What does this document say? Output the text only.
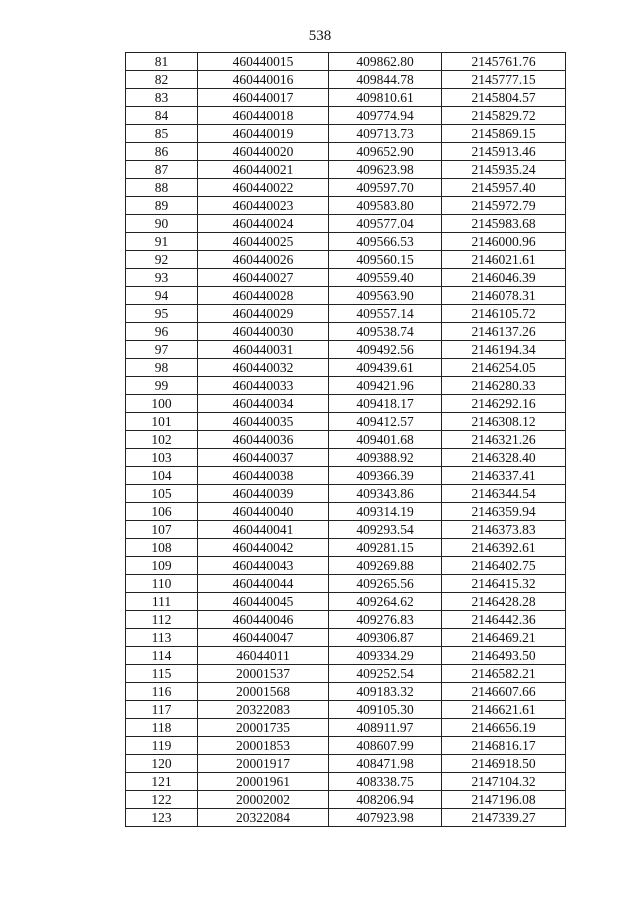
538
81	460440015	409862.80	2145761.76
82	460440016	409844.78	2145777.15
83	460440017	409810.61	2145804.57
84	460440018	409774.94	2145829.72
85	460440019	409713.73	2145869.15
86	460440020	409652.90	2145913.46
87	460440021	409623.98	2145935.24
88	460440022	409597.70	2145957.40
89	460440023	409583.80	2145972.79
90	460440024	409577.04	2145983.68
91	460440025	409566.53	2146000.96
92	460440026	409560.15	2146021.61
93	460440027	409559.40	2146046.39
94	460440028	409563.90	2146078.31
95	460440029	409557.14	2146105.72
96	460440030	409538.74	2146137.26
97	460440031	409492.56	2146194.34
98	460440032	409439.61	2146254.05
99	460440033	409421.96	2146280.33
100	460440034	409418.17	2146292.16
101	460440035	409412.57	2146308.12
102	460440036	409401.68	2146321.26
103	460440037	409388.92	2146328.40
104	460440038	409366.39	2146337.41
105	460440039	409343.86	2146344.54
106	460440040	409314.19	2146359.94
107	460440041	409293.54	2146373.83
108	460440042	409281.15	2146392.61
109	460440043	409269.88	2146402.75
110	460440044	409265.56	2146415.32
111	460440045	409264.62	2146428.28
112	460440046	409276.83	2146442.36
113	460440047	409306.87	2146469.21
114	46044011	409334.29	2146493.50
115	20001537	409252.54	2146582.21
116	20001568	409183.32	2146607.66
117	20322083	409105.30	2146621.61
118	20001735	408911.97	2146656.19
119	20001853	408607.99	2146816.17
120	20001917	408471.98	2146918.50
121	20001961	408338.75	2147104.32
122	20002002	408206.94	2147196.08
123	20322084	407923.98	2147339.27
